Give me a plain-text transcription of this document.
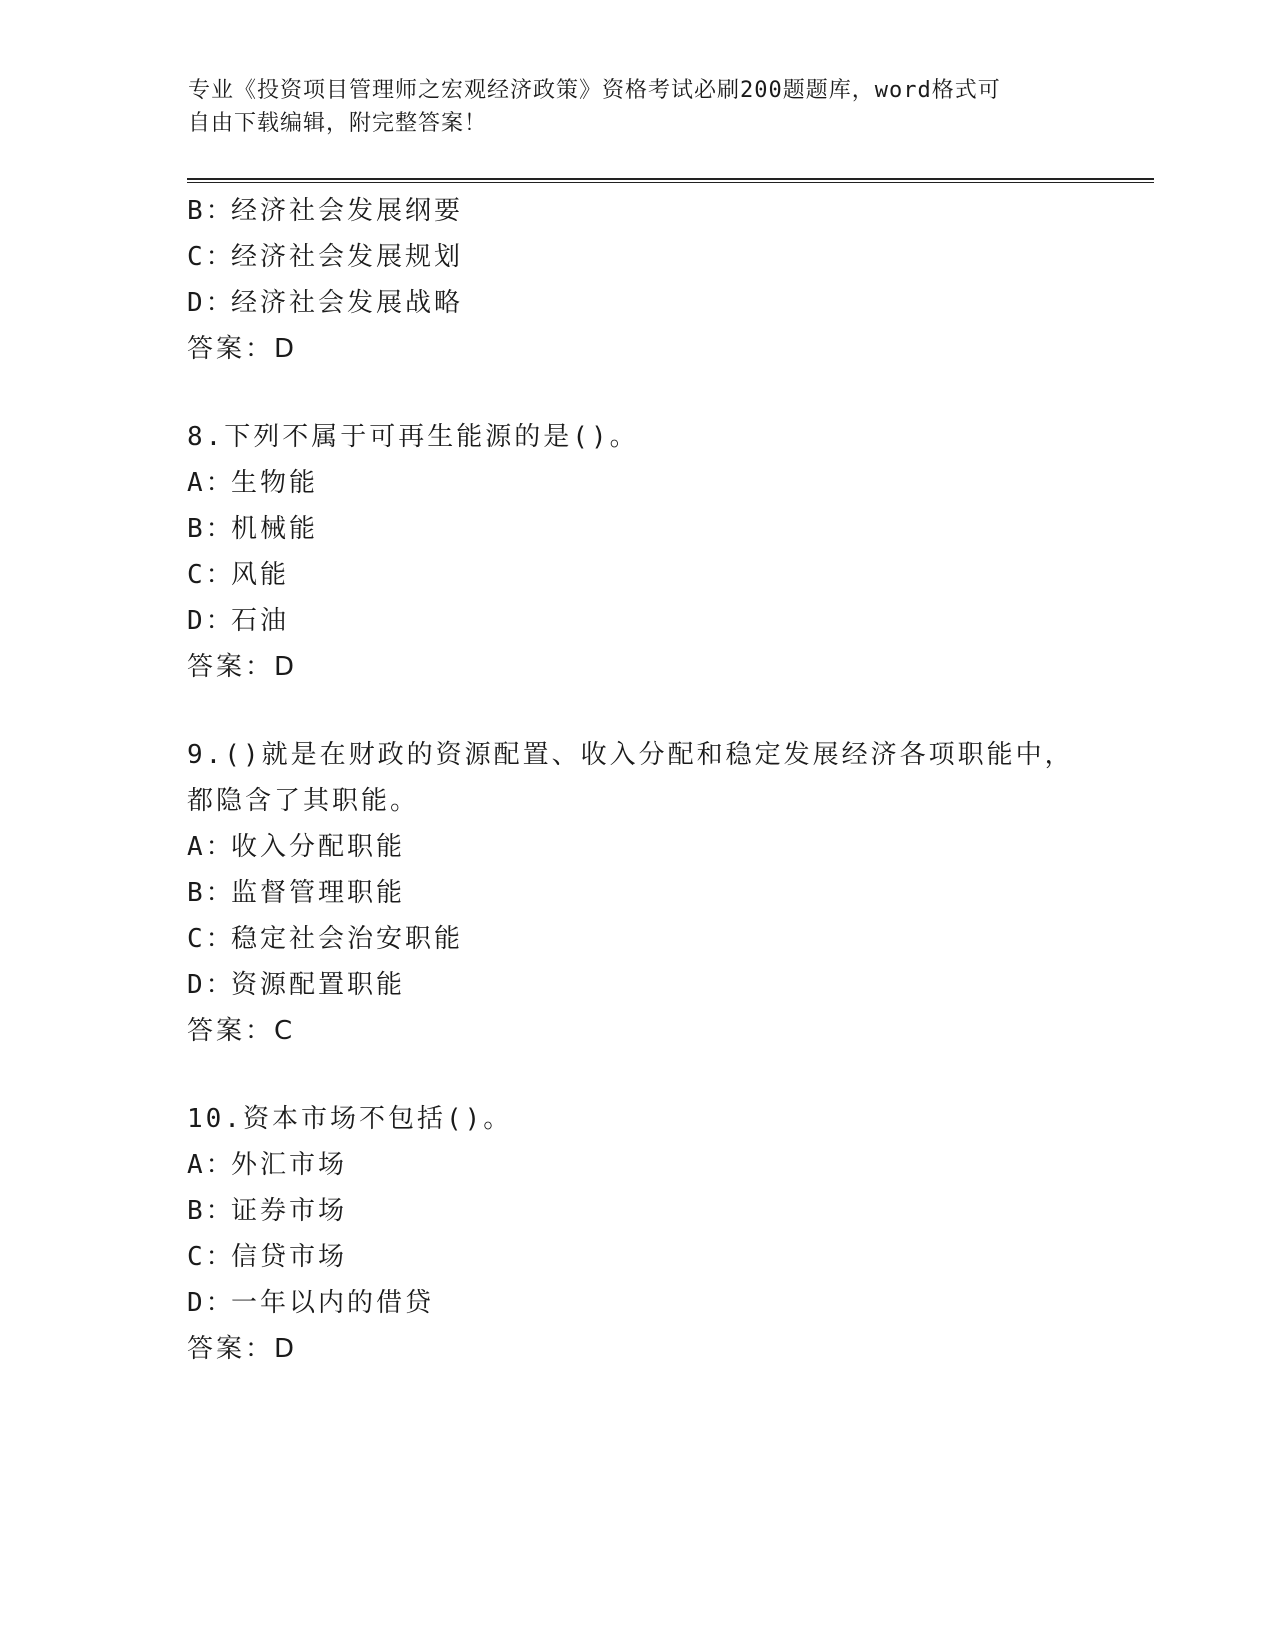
专业《投资项目管理师之宏观经济政策》资格考试必刷200题题库，word格式可
自由下载编辑，附完整答案！
B：经济社会发展纲要
C：经济社会发展规划
D：经济社会发展战略
答案：D
8.下列不属于可再生能源的是()。
A：生物能
B：机械能
C：风能
D：石油
答案：D
9.()就是在财政的资源配置、收入分配和稳定发展经济各项职能中，
都隐含了其职能。
A：收入分配职能
B：监督管理职能
C：稳定社会治安职能
D：资源配置职能
答案：C
10.资本市场不包括()。
A：外汇市场
B：证券市场
C：信贷市场
D：一年以内的借贷
答案：D
